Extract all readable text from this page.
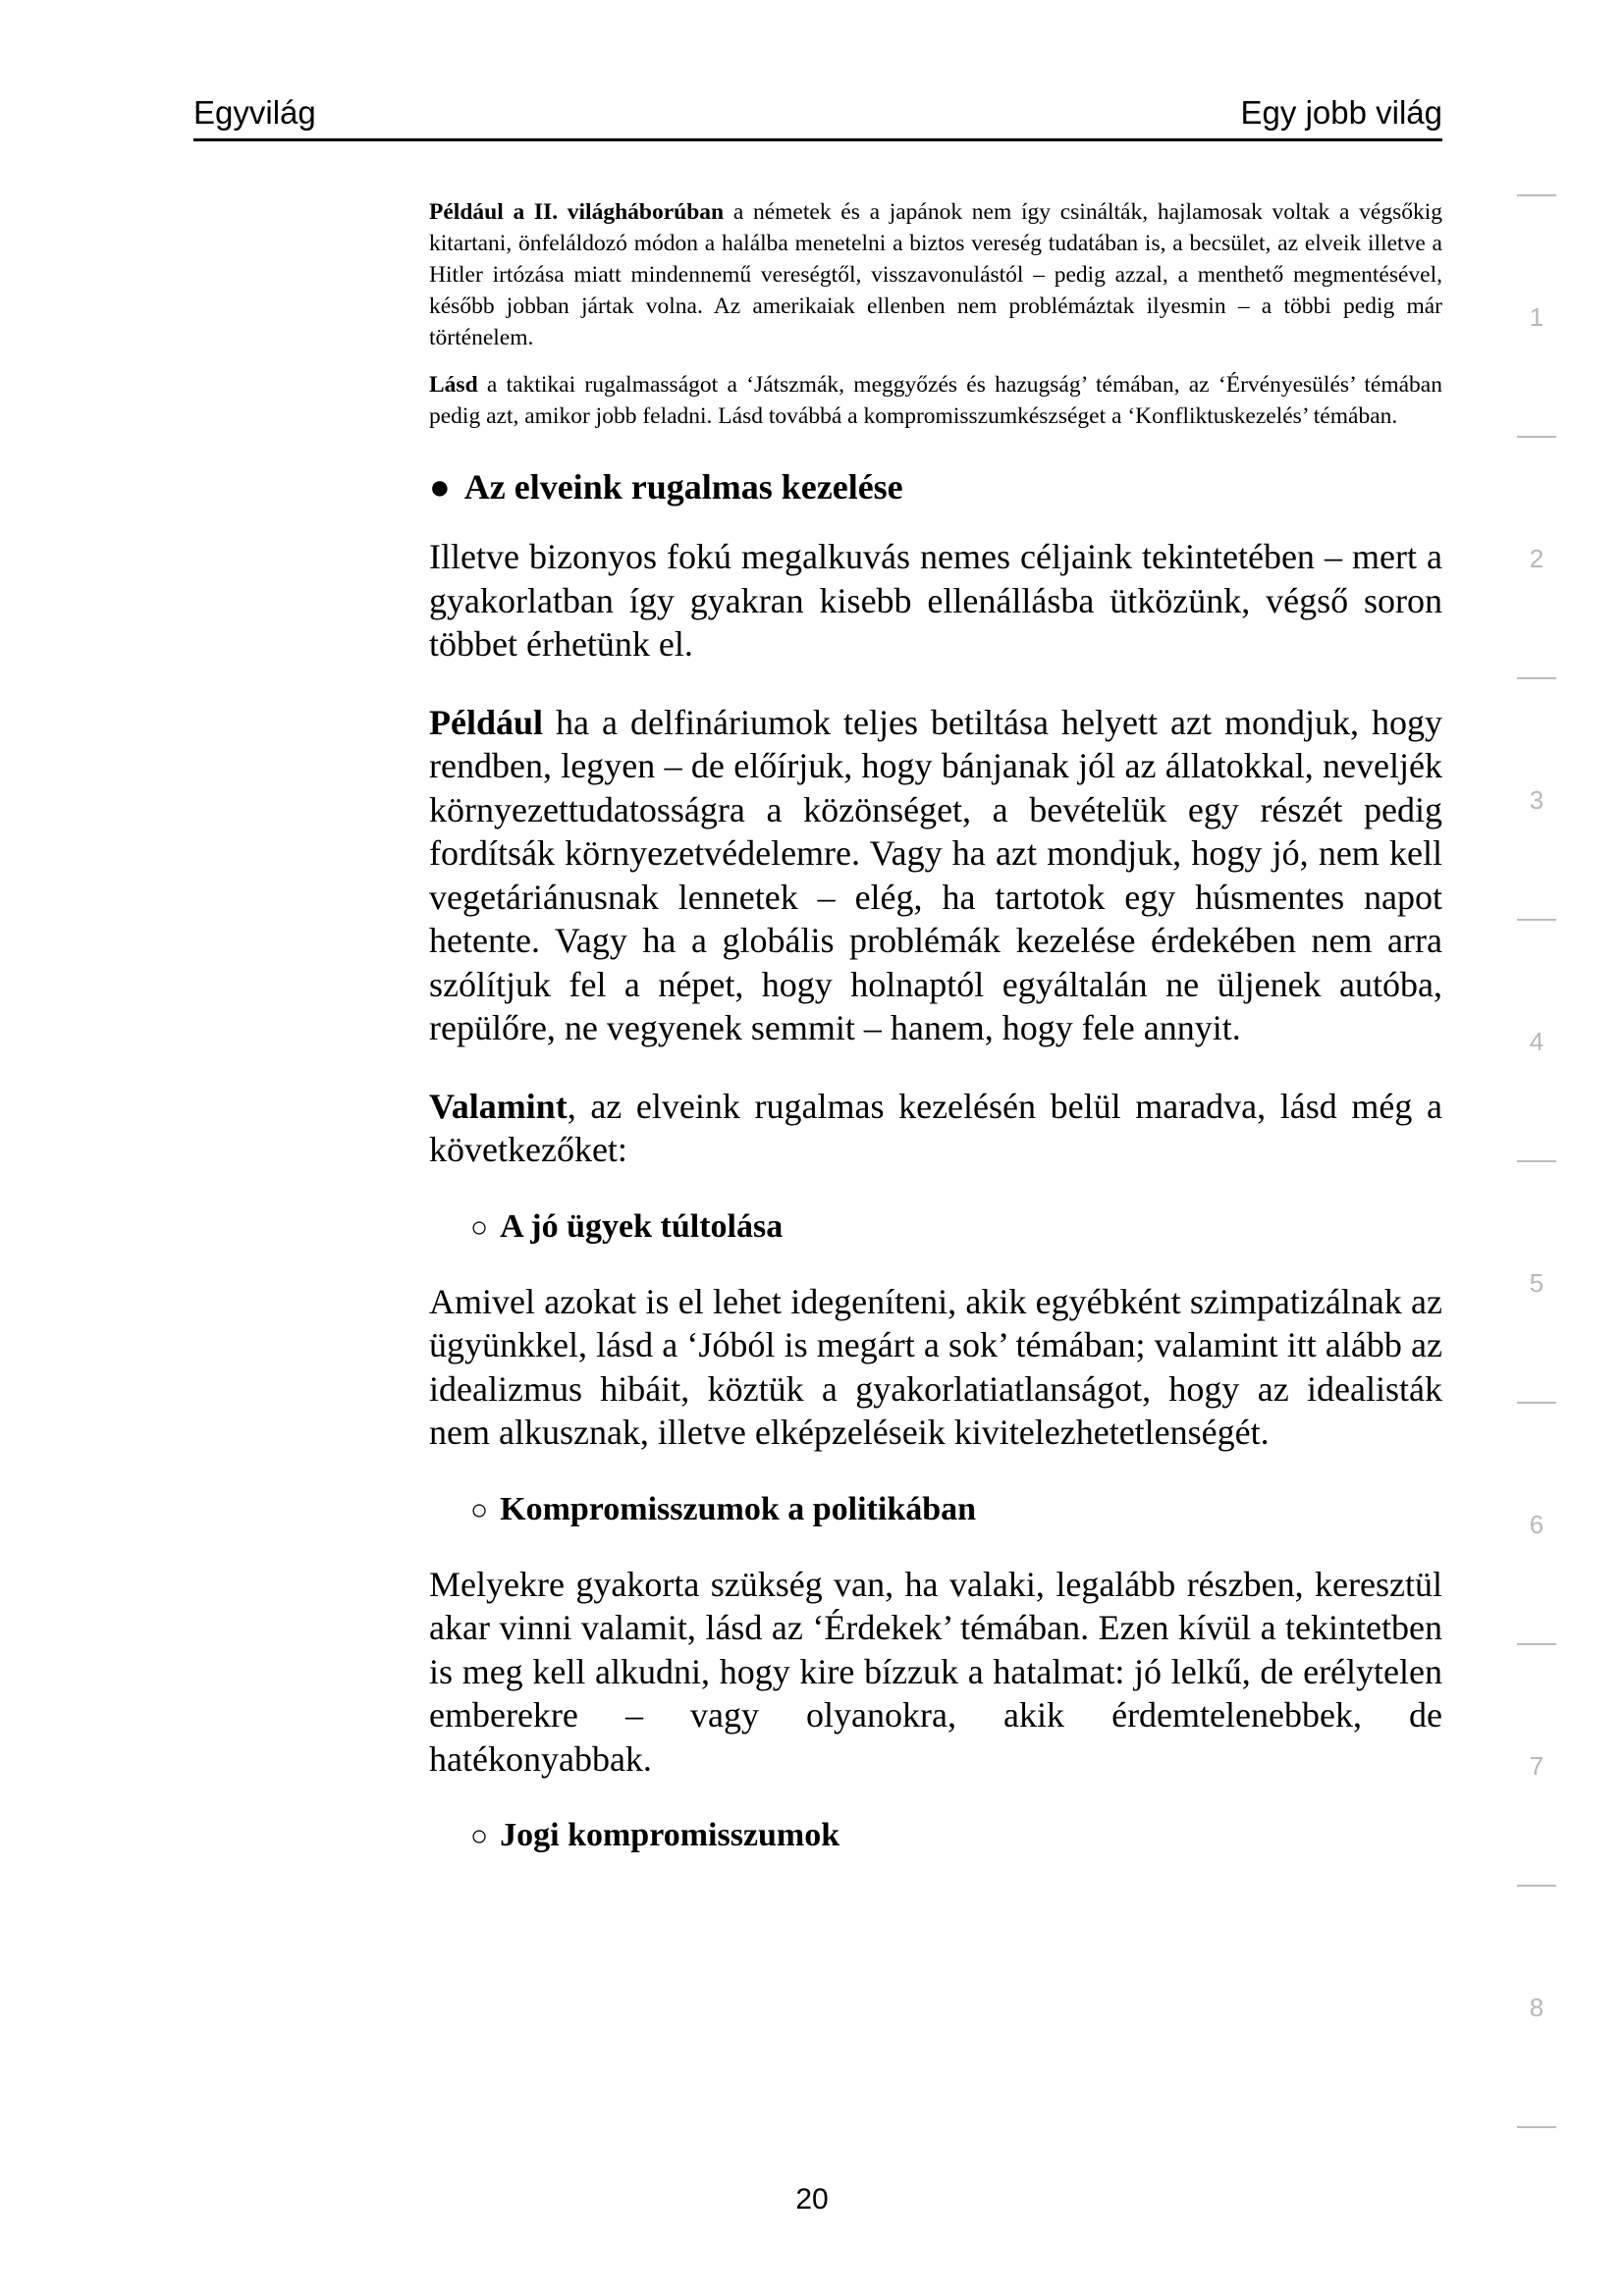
Egyvilág	Egy jobb világ

Például a II. világháborúban a németek és a japánok nem így csinálták, hajlamosak voltak a végsőkig kitartani, önfeláldozó módon a halálba menetelni a biztos vereség tudatában is, a becsület, az elveik illetve a Hitler irtózása miatt mindennemű vereségtől, visszavonulástól – pedig azzal, a menthető megmentésével, később jobban jártak volna. Az amerikaiak ellenben nem problémáztak ilyesmin – a többi pedig már történelem.

Lásd a taktikai rugalmasságot a ‘Játszmák, meggyőzés és hazugság’ témában, az ‘Érvényesülés’ témában pedig azt, amikor jobb feladni. Lásd továbbá a kompromisszumkészséget a ‘Konfliktuskezelés’ témában.

● Az elveink rugalmas kezelése

Illetve bizonyos fokú megalkuvás nemes céljaink tekintetében – mert a gyakorlatban így gyakran kisebb ellenállásba ütközünk, végső soron többet érhetünk el.

Például ha a delfináriumok teljes betiltása helyett azt mondjuk, hogy rendben, legyen – de előírjuk, hogy bánjanak jól az állatokkal, neveljék környezettudatosságra a közönséget, a bevételük egy részét pedig fordítsák környezetvédelemre. Vagy ha azt mondjuk, hogy jó, nem kell vegetáriánusnak lennetek – elég, ha tartotok egy húsmentes napot hetente. Vagy ha a globális problémák kezelése érdekében nem arra szólítjuk fel a népet, hogy holnaptól egyáltalán ne üljenek autóba, repülőre, ne vegyenek semmit – hanem, hogy fele annyit.

Valamint, az elveink rugalmas kezelésén belül maradva, lásd még a következőket:

○ A jó ügyek túltolása

Amivel azokat is el lehet idegeníteni, akik egyébként szimpatizálnak az ügyünkkel, lásd a ‘Jóból is megárt a sok’ témában; valamint itt alább az idealizmus hibáit, köztük a gyakorlatiatlanságot, hogy az idealisták nem alkusznak, illetve elképzeléseik kivitelezhetetlenségét.

○ Kompromisszumok a politikában

Melyekre gyakorta szükség van, ha valaki, legalább részben, keresztül akar vinni valamit, lásd az ‘Érdekek’ témában. Ezen kívül a tekintetben is meg kell alkudni, hogy kire bízzuk a hatalmat: jó lelkű, de erélytelen emberekre – vagy olyanokra, akik érdemtelenebbek, de hatékonyabbak.

○ Jogi kompromisszumok
1
2
3
4
5
6
7
8
20
